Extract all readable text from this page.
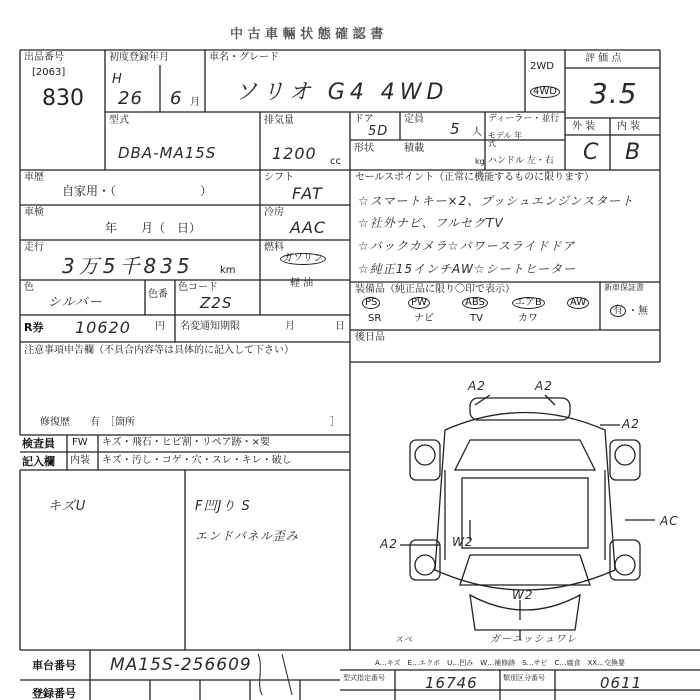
中 古 車 輛 状 態 確 認 書
出品番号
[2063]
830
初度登録年月
H
26 6 月
車名・グレード
ソリオ G4 4WD
2WD
4WD
評 価 点
3.5
外 装 内 装
C B
型式
DBA-MA15S
排気量
1200 cc
ドア
5D
定員
5 人
形状	積載
kg
ディーラー・並行
モデル 年式
ハンドル 左・右
車歴
自家用・（　　　　　　　）
シフト
FAT
車検
年　　月（　日）
冷房
AAC
走行
3万5千835	km
燃料
ガソリン
軽 油
色
シルバー
色番
色コード
Z2S
R券 10620 円 名変通知期限	月	日
セールスポイント（正常に機能するものに限ります）
☆スマートキー×2、プッシュエンジンスタート
☆社外ナビ、フルセグTV
☆バックカメラ☆パワースライドドア
☆純正15インチAW☆シートヒーター
装備品（純正品に限り〇印で表示）
PS	PW	ABS	エアB	AW
SR	ナビ	TV	カワ
新車保証書
有 ・ 無
後日品
注意事項申告欄（不具合内容等は具体的に記入して下さい）
修復歴　　有　［箇所	］
検査員
記入欄
FW キズ・飛石・ヒビ割・リペア跡・×要
内装 キズ・汚し・コゲ・穴・スレ・キレ・破し
キズU	F凹Jり S
エンドパネル歪み
A2	A2
A2
AC
A2	W2
W2
ガーニッシュワレ
スペ
A…キズ　E…エクボ　U…凹み　W…補修跡　S…サビ　C…腐食　XX…交換要
車台番号 MA15S-256609
登録番号
型式指定番号	16746	類別区分番号	0611
